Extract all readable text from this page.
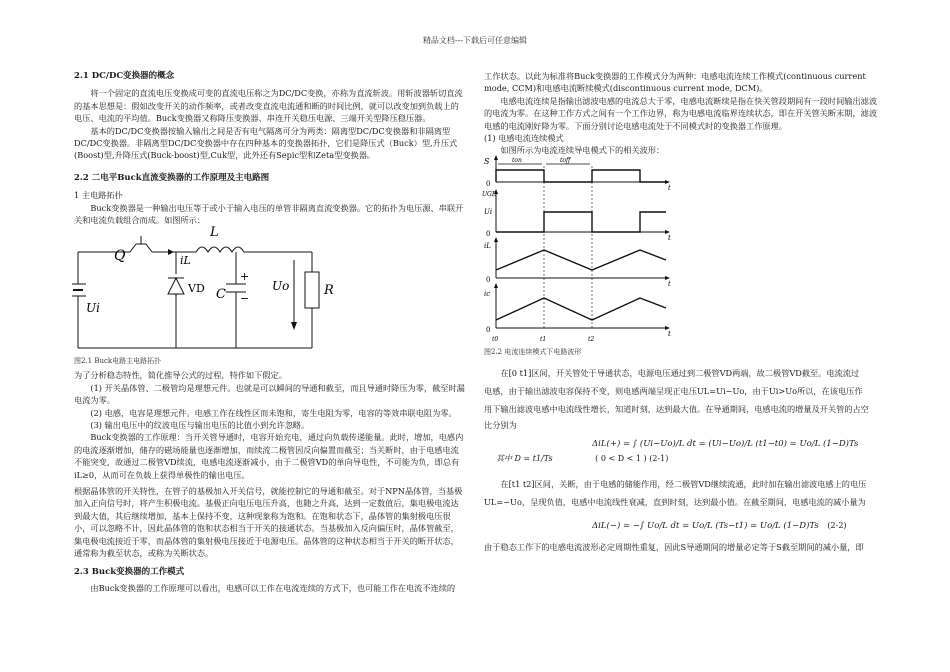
精品文档---下载后可任意编辑
2.1 DC/DC变换器的概念

将一个固定的直流电压变换成可变的直流电压称之为DC/DC变换，亦称为直流斩波。用斩波器斩切直流的基本思想是：假如改变开关的动作频率，或者改变直流电流通和断的时间比例，就可以改变加到负载上的电压、电流的平均值。Buck变换器又称降压变换器、串连开关稳压电源、三端开关型降压稳压器。

基本的DC/DC变换器按输入输出之间是否有电气隔离可分为两类：隔离型DC/DC变换器和非隔离型DC/DC变换器。非隔离型DC/DC变换器中存在四种基本的变换器拓扑，它们是降压式（Buck）型,升压式(Boost)型,升降压式(Buck-boost)型,Cuk型，此外还有Sepic型和Zeta型变换器。

2.2 二电平Buck直流变换器的工作原理及主电路图
1 主电路拓扑

Buck变换器是一种输出电压等于或小于输入电压的单管非隔离直流变换器。它的拓扑为电压源、串联开关和电流负载组合而成。如图所示：

Q
L
iL
VD C
+
−
Uo	R
Ui
图2.1 Buck电路主电路拓扑
为了分析稳态特性，简化推导公式的过程，特作如下假定。

(1) 开关晶体管、二极管均是理想元件。也就是可以瞬间的导通和截至，而且导通时降压为零，截至时漏电流为零。

(2) 电感，电容是理想元件。电感工作在线性区而未饱和，寄生电阻为零，电容的等效串联电阻为零。

(3) 输出电压中的纹波电压与输出电压的比值小到允许忽略。

Buck变换器的工作原理：当开关管导通时，电容开始充电，通过向负载传递能量。此时，增加，电感内的电流逐渐增加，储存的磁场能量也逐渐增加，而续流二极管因反向偏置而截至；当关断时，由于电感电流不能突变，故通过二极管VD续流，电感电流逐渐减小，由于二极管VD的单向导电性，不可能为负，即总有iL≥0，从而可在负载上获得单极性的输出电压。

根据晶体管的开关特性，在管子的基极加入开关信号，就能控制它的导通和截至。对于NPN晶体管，当基极加入正向信号时，将产生积极电流。基极正向电压电压升高，也随之升高，达到一定数值后，集电极电流达到最大值，其后继续增加，基本上保持不变，这种现象称为饱和。在饱和状态下，晶体管的集射极电压很小，可以忽略不计，因此晶体管的饱和状态相当于开关的接通状态。当基极加入反向偏压时，晶体管截至，集电极电流接近于零，而晶体管的集射极电压接近于电源电压。晶体管的这种状态相当于开关的断开状态，通常称为截至状态，或称为关断状态。

2.3 Buck变换器的工作模式

由Buck变换器的工作原理可以看出，电感可以工作在电流连续的方式下，也可能工作在电流不连续的

工作状态。以此为标准将Buck变换器的工作模式分为两种：电感电流连续工作模式(continuous current mode, CCM)和电感电流断续模式(discontinuous current mode, DCM)。

电感电流连续是指输出滤波电感的电流总大于零，电感电流断续是指在快关管段期间有一段时间输出滤波的电流为零。在这种工作方式之间有一个工作边界，称为电感电流临界连续状态，即在开关管关断末期，滤波电感的电流刚好降为零。下面分别讨论电感电流处于不同模式时的变换器工作原理。

(1) 电感电流连续模式

如图所示为电流连续导电模式下的相关波形：

S
UGE
Ui
iL
ic
ton	toff
t
t
t
t
0
0
0
0
t0	t1	t2
图2.2 电流连续模式下电路波形

在[0 t1]区间，开关管处于导通状态，电源电压通过到二极管VD两端，故二极管VD截至。电流流过

电感，由于输出滤波电容保持不变，则电感两端呈现正电压UL=Ui−Uo，由于Ui>Uo所以，在该电压作

用下输出滤波电感中电流线性增长，知道时刻，达到最大值。在导通期间，电感电流的增量及开关管的占空

比分别为

ΔiL(+) = ∫ (Ui−Uo)/L dt = (Ui−Uo)/L (t1−t0) = Uo/L (1−D)Ts
其中 D = t1/Ts	( 0 < D < 1 ) (2-1)

在[t1 t2]区间，关断，由于电感的储能作用，经二极管VD继续流通，此时加在输出滤波电感上的电压

UL=−Uo，呈现负值，电感中电流线性衰减，直到时刻，达到最小值。在截至期间，电感电流的减小量为

ΔiL(−) = −∫ Uo/L dt = Uo/L (Ts−t1) = Uo/L (1−D)Ts (2-2)

由于稳态工作下的电感电流波形必定周期性重复，因此S导通期间的增量必定等于S截至期间的减小量，即
